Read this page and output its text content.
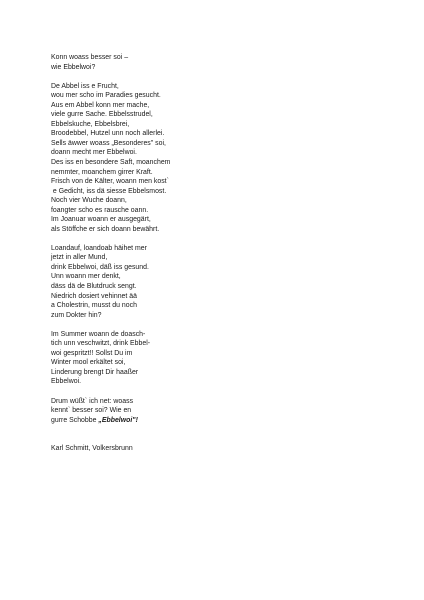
Konn woass besser soi –
wie Ebbelwoi?
De Abbel iss e Frucht,
wou mer scho im Paradies gesucht.
Aus em Abbel konn mer mache,
viele gurre Sache. Ebbelsstrudel,
Ebbelskuche, Ebbelsbrei,
Broodebbel, Hutzel unn noch allerlei.
Sells äwwer woass „Besonderes" soi,
doann mecht mer Ebbelwoi.
Des iss en besondere Saft, moanchem
nemmter, moanchem girrer Kraft.
Frisch von de Kälter, woann men kost`
e Gedicht, iss dä siesse Ebbelsmost.
Noch vier Wuche doann,
foangter scho es rausche oann.
Im Joanuar woann er ausgegärt,
als Stöffche er sich doann bewährt.
Loandauf, loandoab häihet mer
jetzt in aller Mund,
drink Ebbelwoi, däß iss gesund.
Unn woann mer denkt,
däss dä de Blutdruck sengt.
Niedrich dosiert vehinnet ää
a Cholestrin, musst du noch
zum Dokter hin?
Im Summer woann de doasch-
tich unn veschwitzt, drink Ebbel-
woi gespritzt!! Sollst Du im
Winter mool erkältet soi,
Linderung brengt Dir haaßer
Ebbelwoi.
Drum wüßt` ich net: woass
kennt` besser soi? Wie en
gurre Schobbe „Ebbelwoi"!
Karl Schmitt, Volkersbrunn
